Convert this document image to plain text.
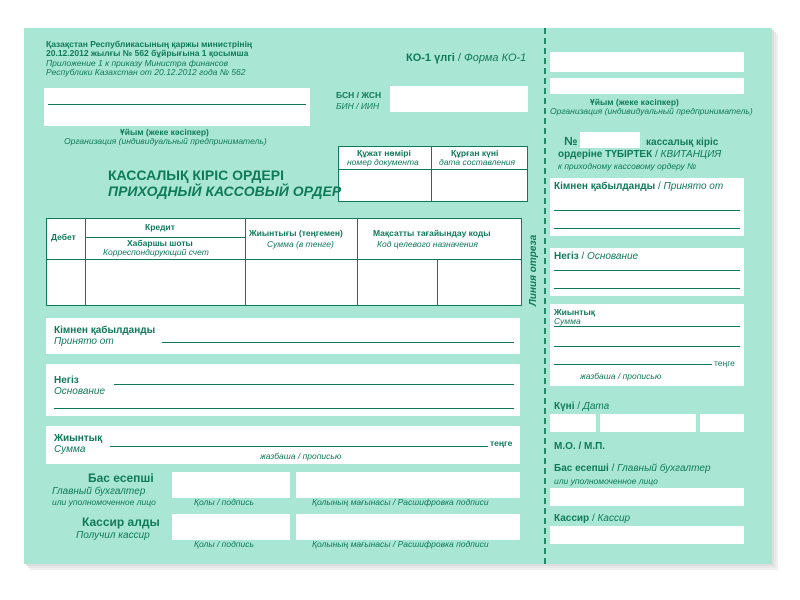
Қазақстан Республикасының қаржы министрінің
20.12.2012 жылғы № 562 бұйрығына 1 қосымша
Приложение 1 к приказу Министра финансов
Республики Казахстан от 20.12.2012 года № 562
КО-1 үлгі / Форма КО-1
Ұйым (жеке кәсіпкер)
Организация (индивидуальный предприниматель)
БСН / ЖСН
БИН / ИИН
Құжат нөмірі
номер документа
Құрған күні
дата составления
КАССАЛЫҚ КІРІС ОРДЕРІ
ПРИХОДНЫЙ КАССОВЫЙ ОРДЕР
Дебет
Кредит
Хабаршы шоты
Корреспондирующий счет
Жиынтығы (теңгемен)
Сумма (в тенге)
Мақсатты тағайындау коды
Код целевого назначения
Кімнен қабылданды
Принято от
Негіз
Основание
Жиынтық
Сумма
теңге
жазбаша / прописью
Бас есепші
Главный бухгалтер
или уполномоченное лицо	Қолы / подпись	Қолының мағынасы / Расшифровка подписи
Кассир алды
Получил кассир
Қолы / подпись	Қолының мағынасы / Расшифровка подписи
Линия отреза
Ұйым (жеке кәсіпкер)
Организация (индивидуальный предприниматель)
№	кассалық кіріс
ордеріне ТҮБІРТЕК / КВИТАНЦИЯ
к приходному кассовому ордеру №
Кімнен қабылданды / Принято от
Негіз / Основание
Жиынтық
Сумма
теңге
жазбаша / прописью
Күні / Дата
М.О. / М.П.
Бас есепші / Главный бухгалтер
или уполномоченное лицо
Кассир / Кассир
